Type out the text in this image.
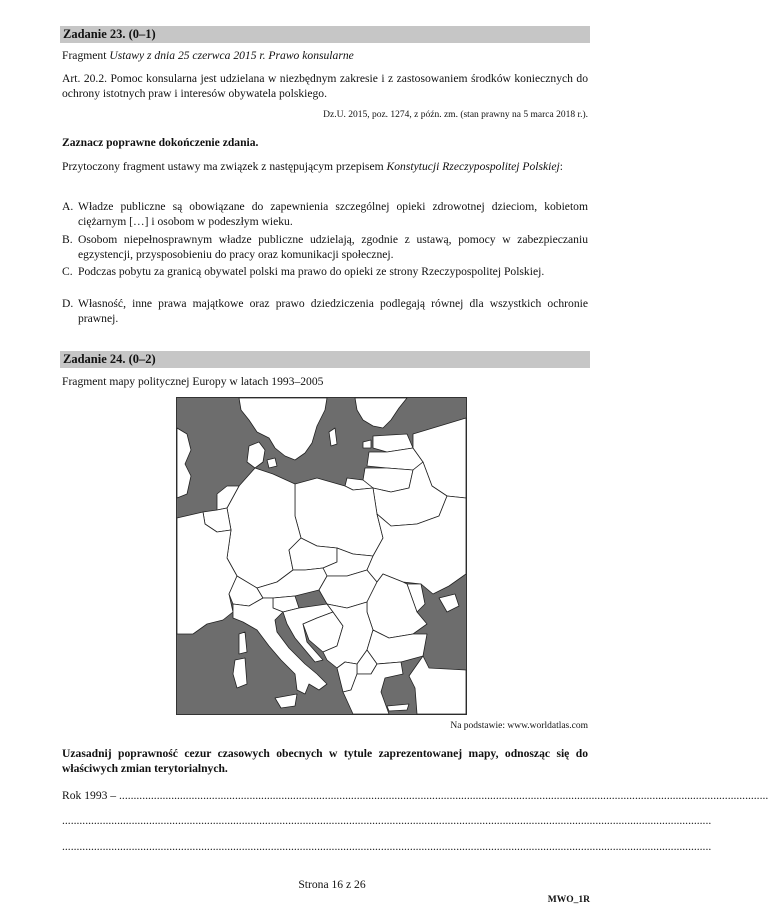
Zadanie 23. (0–1)
Fragment Ustawy z dnia 25 czerwca 2015 r. Prawo konsularne
Art. 20.2. Pomoc konsularna jest udzielana w niezbędnym zakresie i z zastosowaniem środków koniecznych do ochrony istotnych praw i interesów obywatela polskiego.
Dz.U. 2015, poz. 1274, z późn. zm. (stan prawny na 5 marca 2018 r.).
Zaznacz poprawne dokończenie zdania.
Przytoczony fragment ustawy ma związek z następującym przepisem Konstytucji Rzeczypospolitej Polskiej:
A. Władze publiczne są obowiązane do zapewnienia szczególnej opieki zdrowotnej dzieciom, kobietom ciężarnym […] i osobom w podeszłym wieku.
B. Osobom niepełnosprawnym władze publiczne udzielają, zgodnie z ustawą, pomocy w zabezpieczaniu egzystencji, przysposobieniu do pracy oraz komunikacji społecznej.
C. Podczas pobytu za granicą obywatel polski ma prawo do opieki ze strony Rzeczypospolitej Polskiej.
D. Własność, inne prawa majątkowe oraz prawo dziedziczenia podlegają równej dla wszystkich ochronie prawnej.
Zadanie 24. (0–2)
Fragment mapy politycznej Europy w latach 1993–2005
Na podstawie: www.worldatlas.com
Uzasadnij poprawność cezur czasowych obecnych w tytule zaprezentowanej mapy, odnosząc się do właściwych zmian terytorialnych.
Rok 1993 – ................................................................................................................................................................................................................................
................................................................................................................................................................................................................................
................................................................................................................................................................................................................................
Strona 16 z 26
MWO_1R
